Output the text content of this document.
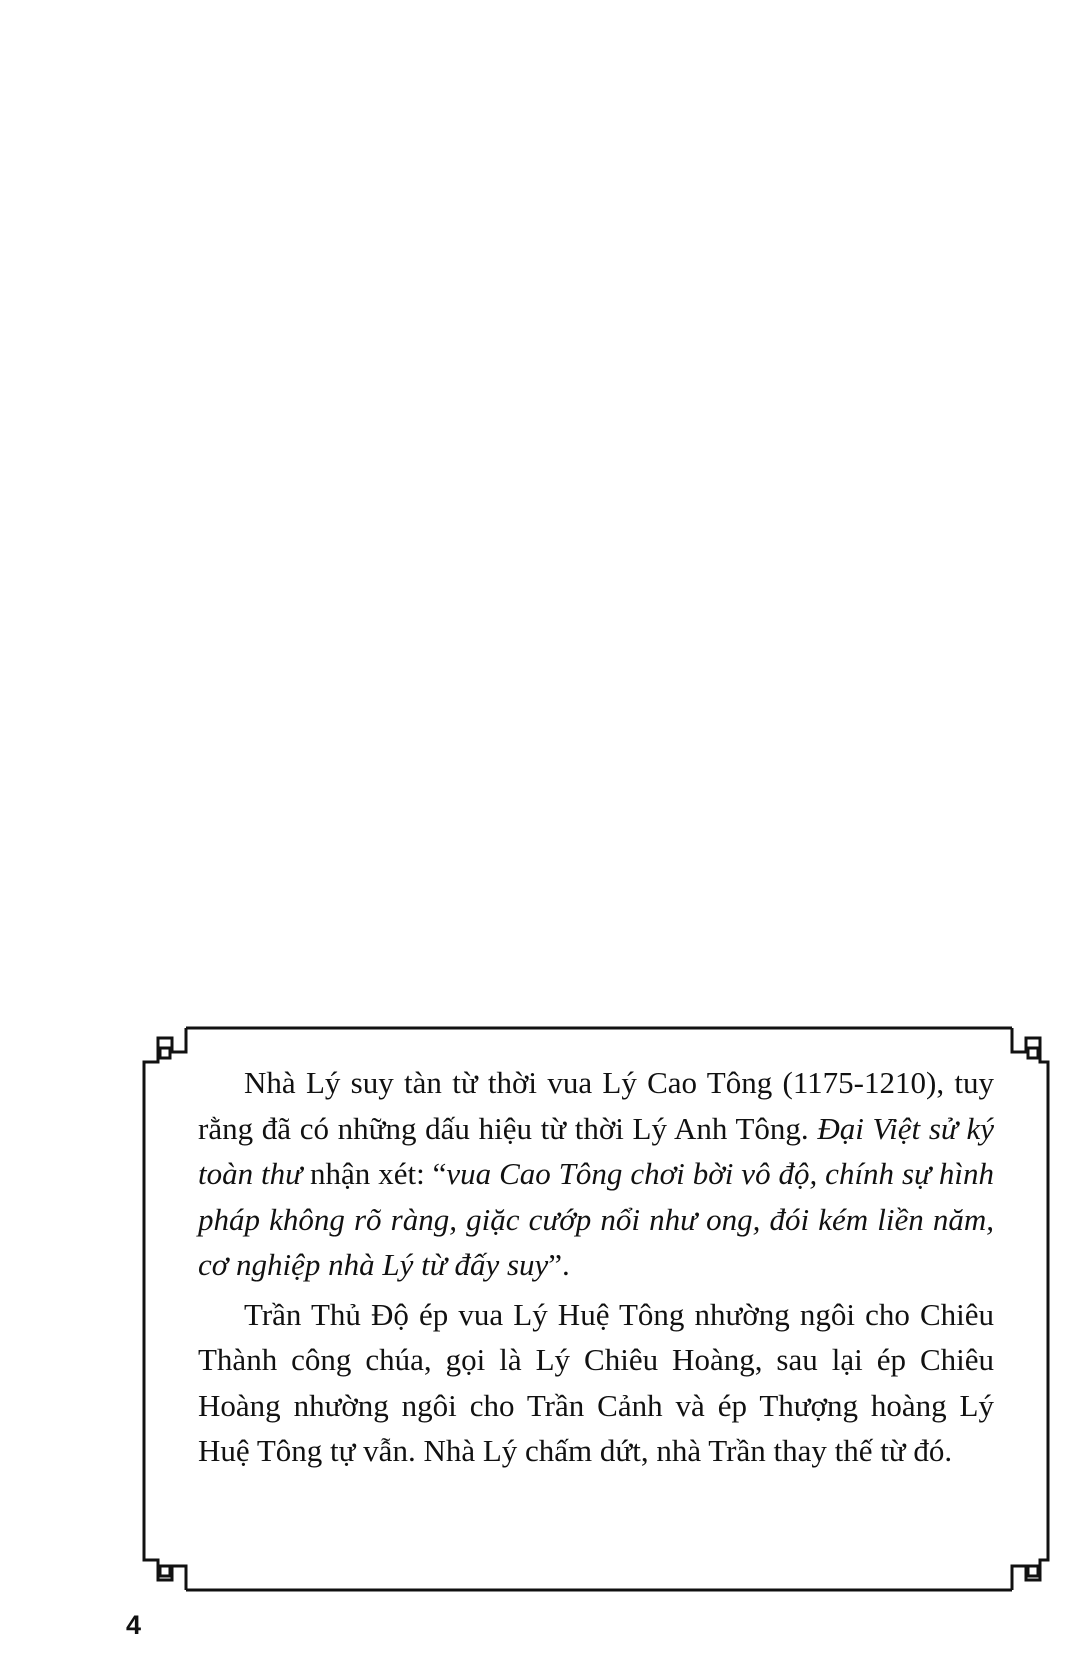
Nhà Lý suy tàn từ thời vua Lý Cao Tông (1175-1210), tuy rằng đã có những dấu hiệu từ thời Lý Anh Tông. Đại Việt sử ký toàn thư nhận xét: “vua Cao Tông chơi bời vô độ, chính sự hình pháp không rõ ràng, giặc cướp nổi như ong, đói kém liền năm, cơ nghiệp nhà Lý từ đấy suy”.

Trần Thủ Độ ép vua Lý Huệ Tông nhường ngôi cho Chiêu Thành công chúa, gọi là Lý Chiêu Hoàng, sau lại ép Chiêu Hoàng nhường ngôi cho Trần Cảnh và ép Thượng hoàng Lý Huệ Tông tự vẫn. Nhà Lý chấm dứt, nhà Trần thay thế từ đó.

4
